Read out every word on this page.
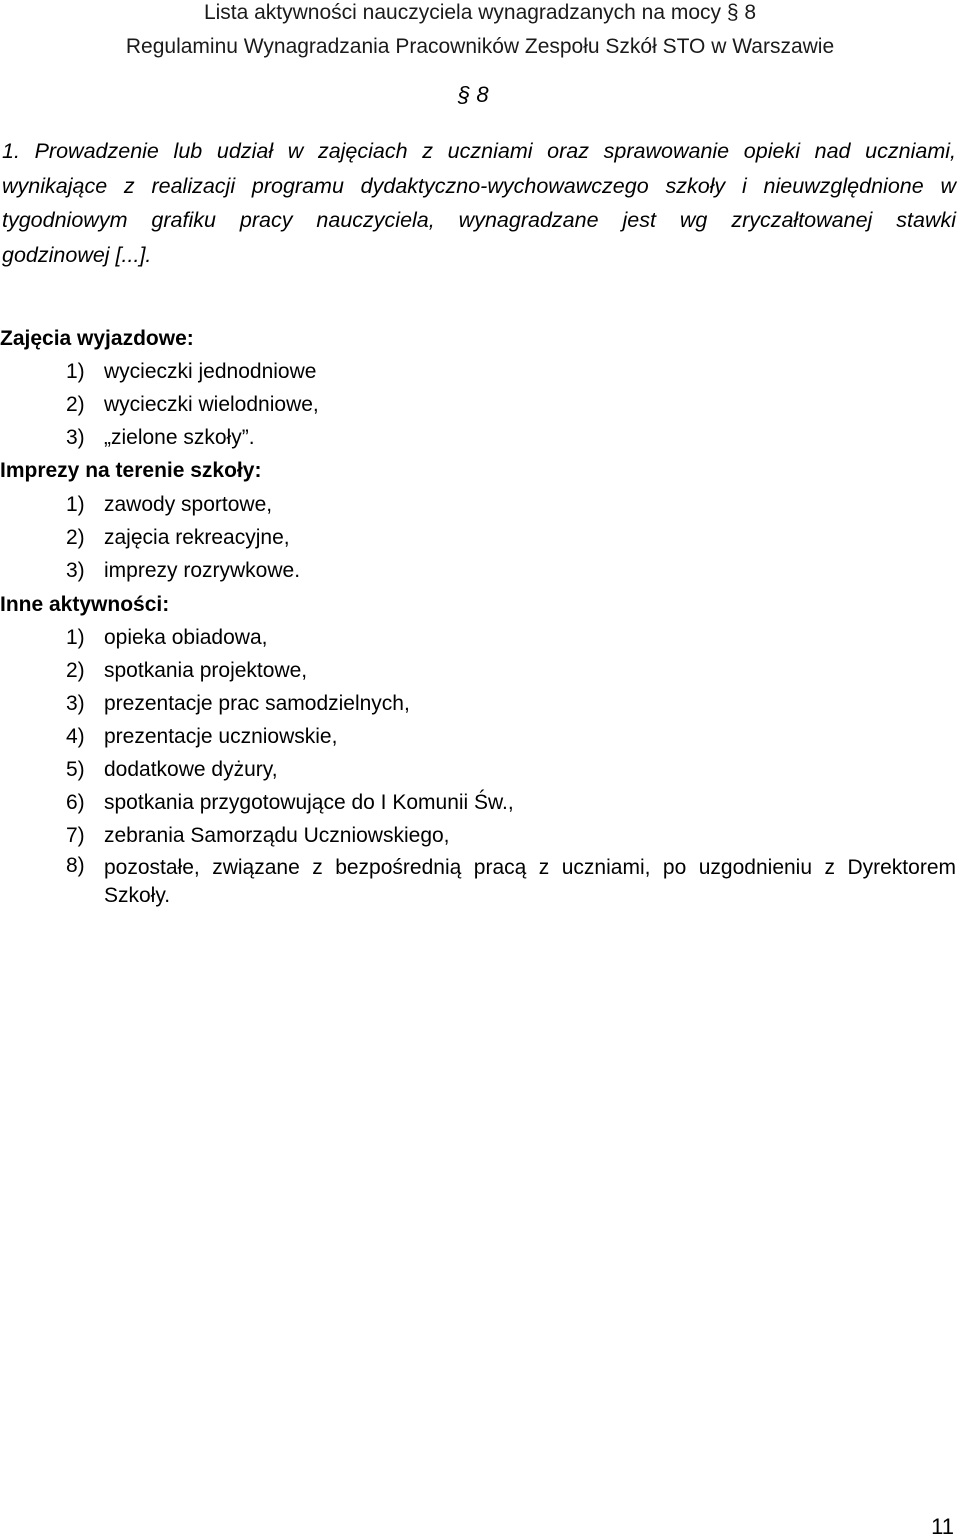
Lista aktywności nauczyciela wynagradzanych na mocy § 8
Regulaminu Wynagradzania Pracowników Zespołu Szkół STO w Warszawie
§ 8
1. Prowadzenie lub udział w zajęciach z uczniami oraz sprawowanie opieki nad uczniami,
wynikające z realizacji programu dydaktyczno-wychowawczego szkoły i nieuwzględnione w
tygodniowym grafiku pracy nauczyciela, wynagradzane jest wg zryczałtowanej stawki
godzinowej [...].
Zajęcia wyjazdowe:
1) wycieczki jednodniowe
2) wycieczki wielodniowe,
3) „zielone szkoły”.
Imprezy na terenie szkoły:
1) zawody sportowe,
2) zajęcia rekreacyjne,
3) imprezy rozrywkowe.
Inne aktywności:
1) opieka obiadowa,
2) spotkania projektowe,
3) prezentacje prac samodzielnych,
4) prezentacje uczniowskie,
5) dodatkowe dyżury,
6) spotkania przygotowujące do I Komunii Św.,
7) zebrania Samorządu Uczniowskiego,
8) pozostałe, związane z bezpośrednią pracą z uczniami, po uzgodnieniu z Dyrektorem Szkoły.
11
